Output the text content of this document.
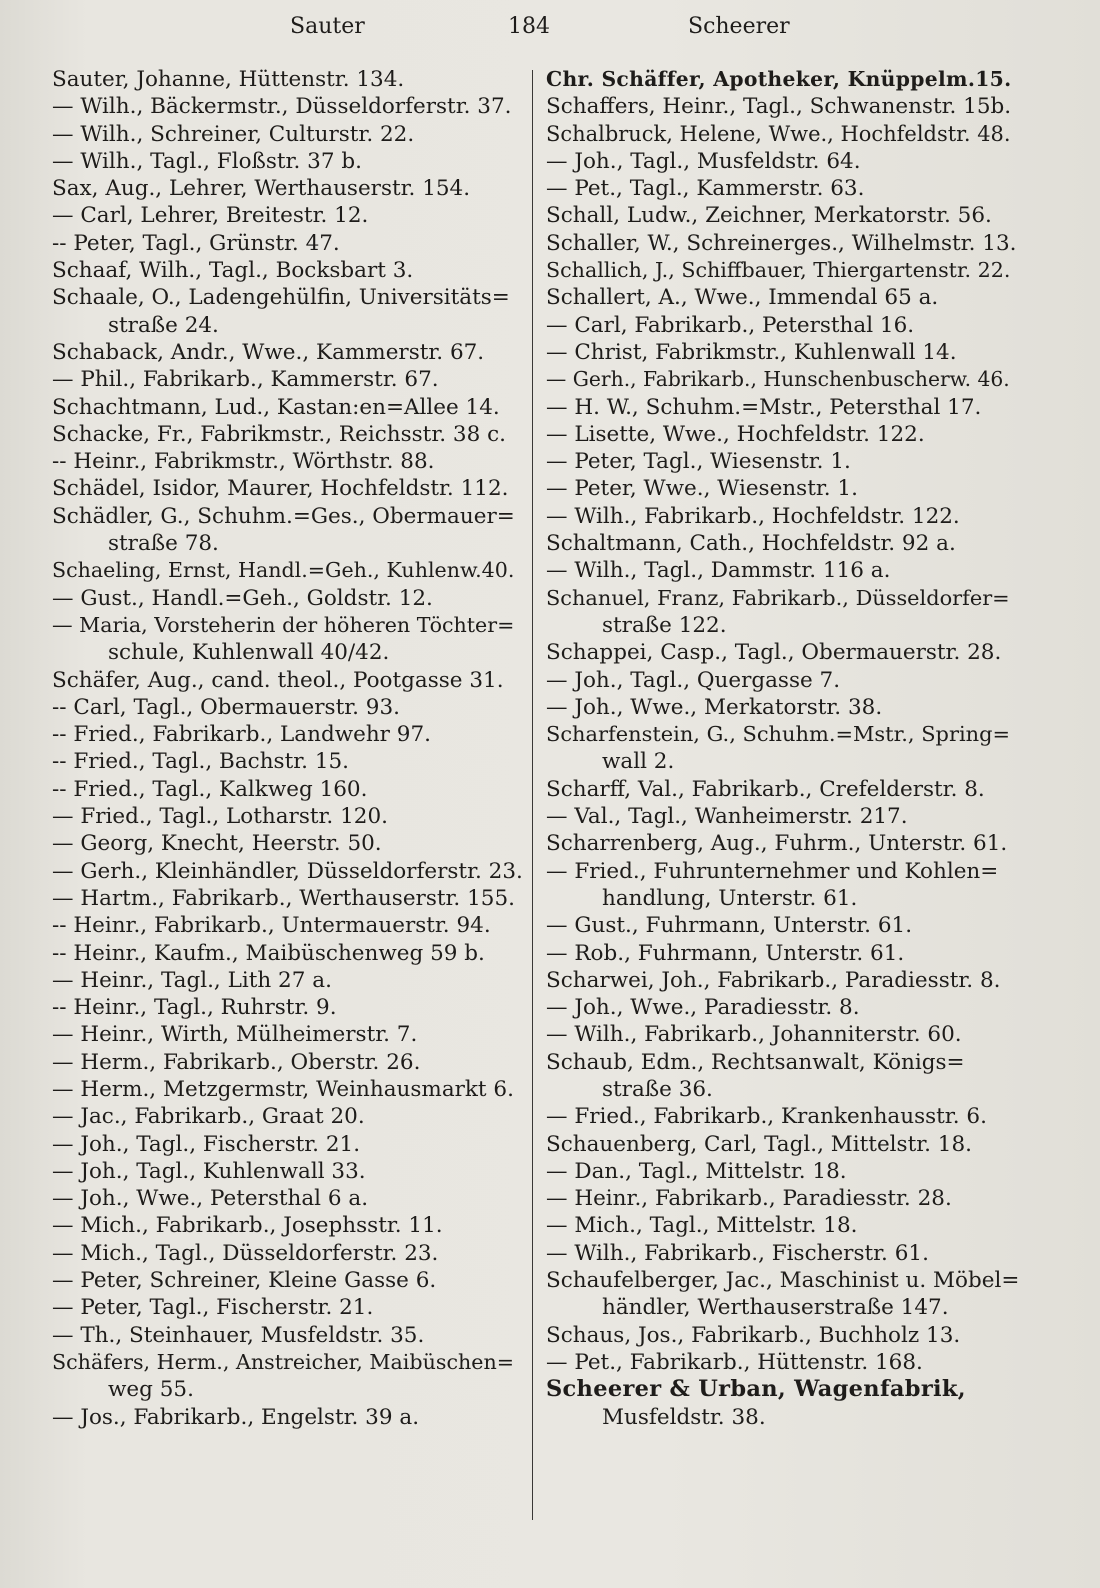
Sauter	184	Scheerer
Sauter, Johanne, Hüttenstr. 134.
— Wilh., Bäckermstr., Düsseldorferstr. 37.
— Wilh., Schreiner, Culturstr. 22.
— Wilh., Tagl., Floßstr. 37 b.
Sax, Aug., Lehrer, Werthauserstr. 154.
— Carl, Lehrer, Breitestr. 12.
-- Peter, Tagl., Grünstr. 47.
Schaaf, Wilh., Tagl., Bocksbart 3.
Schaale, O., Ladengehülfin, Universitäts=
straße 24.
Schaback, Andr., Wwe., Kammerstr. 67.
— Phil., Fabrikarb., Kammerstr. 67.
Schachtmann, Lud., Kastan:en=Allee 14.
Schacke, Fr., Fabrikmstr., Reichsstr. 38 c.
-- Heinr., Fabrikmstr., Wörthstr. 88.
Schädel, Isidor, Maurer, Hochfeldstr. 112.
Schädler, G., Schuhm.=Ges., Obermauer=
straße 78.
Schaeling, Ernst, Handl.=Geh., Kuhlenw.40.
— Gust., Handl.=Geh., Goldstr. 12.
— Maria, Vorsteherin der höheren Töchter=
schule, Kuhlenwall 40/42.
Schäfer, Aug., cand. theol., Pootgasse 31.
-- Carl, Tagl., Obermauerstr. 93.
-- Fried., Fabrikarb., Landwehr 97.
-- Fried., Tagl., Bachstr. 15.
-- Fried., Tagl., Kalkweg 160.
— Fried., Tagl., Lotharstr. 120.
— Georg, Knecht, Heerstr. 50.
— Gerh., Kleinhändler, Düsseldorferstr. 23.
— Hartm., Fabrikarb., Werthauserstr. 155.
-- Heinr., Fabrikarb., Untermauerstr. 94.
-- Heinr., Kaufm., Maibüschenweg 59 b.
— Heinr., Tagl., Lith 27 a.
-- Heinr., Tagl., Ruhrstr. 9.
— Heinr., Wirth, Mülheimerstr. 7.
— Herm., Fabrikarb., Oberstr. 26.
— Herm., Metzgermstr, Weinhausmarkt 6.
— Jac., Fabrikarb., Graat 20.
— Joh., Tagl., Fischerstr. 21.
— Joh., Tagl., Kuhlenwall 33.
— Joh., Wwe., Petersthal 6 a.
— Mich., Fabrikarb., Josephsstr. 11.
— Mich., Tagl., Düsseldorferstr. 23.
— Peter, Schreiner, Kleine Gasse 6.
— Peter, Tagl., Fischerstr. 21.
— Th., Steinhauer, Musfeldstr. 35.
Schäfers, Herm., Anstreicher, Maibüschen=
weg 55.
— Jos., Fabrikarb., Engelstr. 39 a.
Chr. Schäffer, Apotheker, Knüppelm.15.
Schaffers, Heinr., Tagl., Schwanenstr. 15b.
Schalbruck, Helene, Wwe., Hochfeldstr. 48.
— Joh., Tagl., Musfeldstr. 64.
— Pet., Tagl., Kammerstr. 63.
Schall, Ludw., Zeichner, Merkatorstr. 56.
Schaller, W., Schreinerges., Wilhelmstr. 13.
Schallich, J., Schiffbauer, Thiergartenstr. 22.
Schallert, A., Wwe., Immendal 65 a.
— Carl, Fabrikarb., Petersthal 16.
— Christ, Fabrikmstr., Kuhlenwall 14.
— Gerh., Fabrikarb., Hunschenbuscherw. 46.
— H. W., Schuhm.=Mstr., Petersthal 17.
— Lisette, Wwe., Hochfeldstr. 122.
— Peter, Tagl., Wiesenstr. 1.
— Peter, Wwe., Wiesenstr. 1.
— Wilh., Fabrikarb., Hochfeldstr. 122.
Schaltmann, Cath., Hochfeldstr. 92 a.
— Wilh., Tagl., Dammstr. 116 a.
Schanuel, Franz, Fabrikarb., Düsseldorfer=
straße 122.
Schappei, Casp., Tagl., Obermauerstr. 28.
— Joh., Tagl., Quergasse 7.
— Joh., Wwe., Merkatorstr. 38.
Scharfenstein, G., Schuhm.=Mstr., Spring=
wall 2.
Scharff, Val., Fabrikarb., Crefelderstr. 8.
— Val., Tagl., Wanheimerstr. 217.
Scharrenberg, Aug., Fuhrm., Unterstr. 61.
— Fried., Fuhrunternehmer und Kohlen=
handlung, Unterstr. 61.
— Gust., Fuhrmann, Unterstr. 61.
— Rob., Fuhrmann, Unterstr. 61.
Scharwei, Joh., Fabrikarb., Paradiesstr. 8.
— Joh., Wwe., Paradiesstr. 8.
— Wilh., Fabrikarb., Johanniterstr. 60.
Schaub, Edm., Rechtsanwalt, Königs=
straße 36.
— Fried., Fabrikarb., Krankenhausstr. 6.
Schauenberg, Carl, Tagl., Mittelstr. 18.
— Dan., Tagl., Mittelstr. 18.
— Heinr., Fabrikarb., Paradiesstr. 28.
— Mich., Tagl., Mittelstr. 18.
— Wilh., Fabrikarb., Fischerstr. 61.
Schaufelberger, Jac., Maschinist u. Möbel=
händler, Werthauserstraße 147.
Schaus, Jos., Fabrikarb., Buchholz 13.
— Pet., Fabrikarb., Hüttenstr. 168.
Scheerer & Urban, Wagenfabrik,
Musfeldstr. 38.
